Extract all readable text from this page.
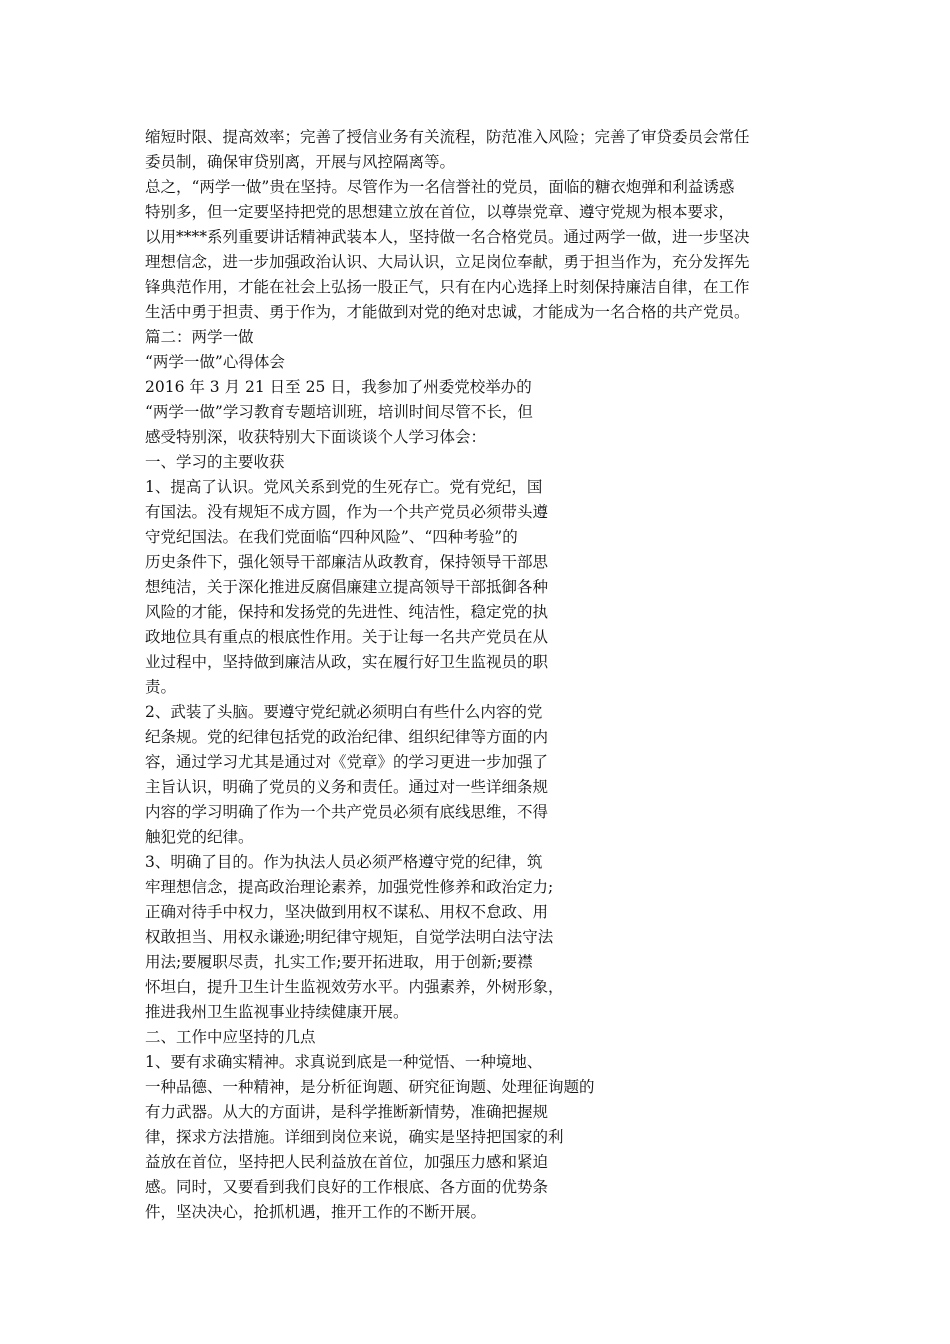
缩短时限、提高效率；完善了授信业务有关流程，防范准入风险；完善了审贷委员会常任
委员制，确保审贷别离，开展与风控隔离等。
总之，“两学一做”贵在坚持。尽管作为一名信誉社的党员，面临的糖衣炮弹和利益诱惑
特别多，但一定要坚持把党的思想建立放在首位，以尊崇党章、遵守党规为根本要求，
以用****系列重要讲话精神武装本人，坚持做一名合格党员。通过两学一做，进一步坚决
理想信念，进一步加强政治认识、大局认识，立足岗位奉献，勇于担当作为，充分发挥先
锋典范作用，才能在社会上弘扬一股正气，只有在内心选择上时刻保持廉洁自律，在工作
生活中勇于担责、勇于作为，才能做到对党的绝对忠诚，才能成为一名合格的共产党员。
篇二：两学一做
“两学一做”心得体会
2016 年 3 月 21 日至 25 日，我参加了州委党校举办的
“两学一做”学习教育专题培训班，培训时间尽管不长，但
感受特别深，收获特别大下面谈谈个人学习体会：
一、学习的主要收获
1、提高了认识。党风关系到党的生死存亡。党有党纪，国
有国法。没有规矩不成方圆，作为一个共产党员必须带头遵
守党纪国法。在我们党面临“四种风险”、“四种考验”的
历史条件下，强化领导干部廉洁从政教育，保持领导干部思
想纯洁，关于深化推进反腐倡廉建立提高领导干部抵御各种
风险的才能，保持和发扬党的先进性、纯洁性，稳定党的执
政地位具有重点的根底性作用。关于让每一名共产党员在从
业过程中，坚持做到廉洁从政，实在履行好卫生监视员的职
责。
2、武装了头脑。要遵守党纪就必须明白有些什么内容的党
纪条规。党的纪律包括党的政治纪律、组织纪律等方面的内
容，通过学习尤其是通过对《党章》的学习更进一步加强了
主旨认识，明确了党员的义务和责任。通过对一些详细条规
内容的学习明确了作为一个共产党员必须有底线思维，不得
触犯党的纪律。
3、明确了目的。作为执法人员必须严格遵守党的纪律，筑
牢理想信念，提高政治理论素养，加强党性修养和政治定力;
正确对待手中权力，坚决做到用权不谋私、用权不怠政、用
权敢担当、用权永谦逊;明纪律守规矩，自觉学法明白法守法
用法;要履职尽责，扎实工作;要开拓进取，用于创新;要襟
怀坦白，提升卫生计生监视效劳水平。内强素养，外树形象，
推进我州卫生监视事业持续健康开展。
二、工作中应坚持的几点
1、要有求确实精神。求真说到底是一种觉悟、一种境地、
一种品德、一种精神，是分析征询题、研究征询题、处理征询题的
有力武器。从大的方面讲，是科学推断新情势，准确把握规
律，探求方法措施。详细到岗位来说，确实是坚持把国家的利
益放在首位，坚持把人民利益放在首位，加强压力感和紧迫
感。同时，又要看到我们良好的工作根底、各方面的优势条
件，坚决决心，抢抓机遇，推开工作的不断开展。
